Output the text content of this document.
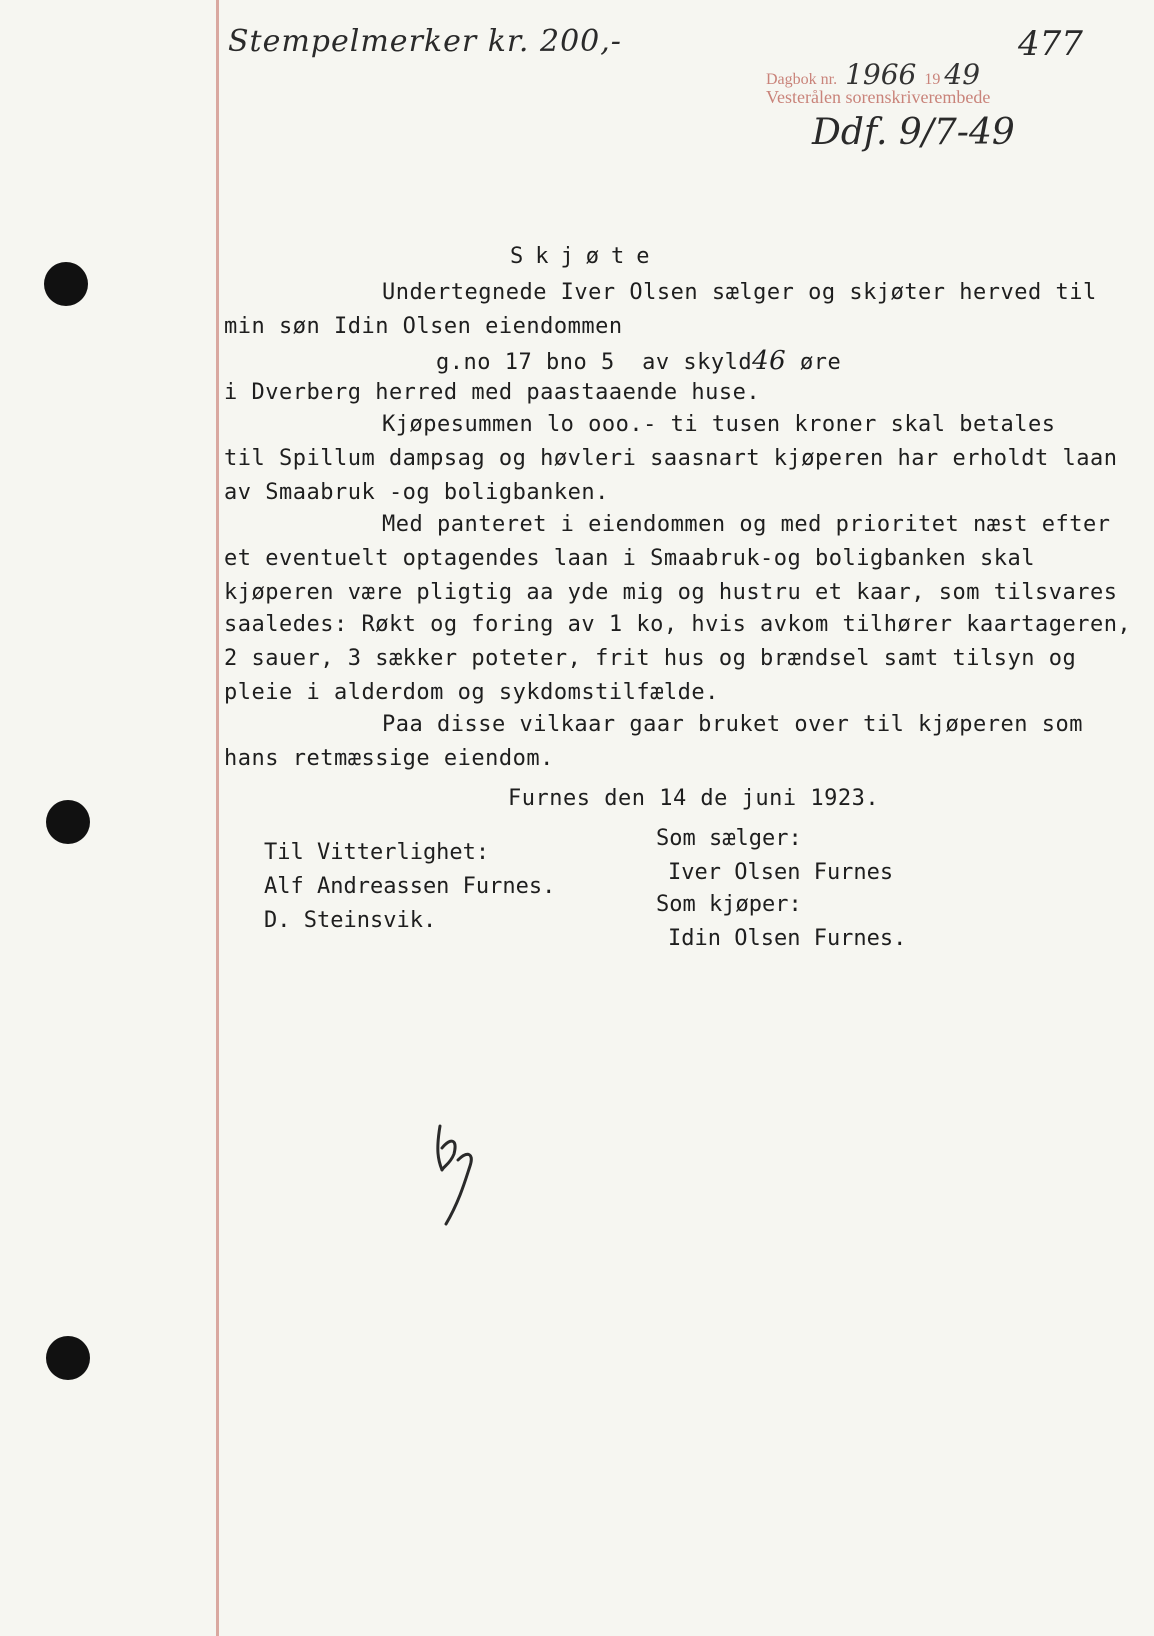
Stempelmerker kr. 200,-	477
Dagbok nr. 1966 19 49
Vesterålen sorenskriverembede
Ddf. 9/7-49
Skjøte
Undertegnede Iver Olsen sælger og skjøter herved til
min søn Idin Olsen eiendommen
g.no 17 bno 5  av skyld46 øre
i Dverberg herred med paastaaende huse.
Kjøpesummen lo ooo.- ti tusen kroner skal betales
til Spillum dampsag og høvleri saasnart kjøperen har erholdt laan
av Smaabruk -og boligbanken.
Med panteret i eiendommen og med prioritet næst efter
et eventuelt optagendes laan i Smaabruk-og boligbanken skal
kjøperen være pligtig aa yde mig og hustru et kaar, som tilsvares
saaledes: Røkt og foring av 1 ko, hvis avkom tilhører kaartageren,
2 sauer, 3 sækker poteter, frit hus og brændsel samt tilsyn og
pleie i alderdom og sykdomstilfælde.
Paa disse vilkaar gaar bruket over til kjøperen som
hans retmæssige eiendom.
Furnes den 14 de juni 1923.
Som sælger:
Til Vitterlighet:
Iver Olsen Furnes
Alf Andreassen Furnes.
Som kjøper:
D. Steinsvik.
Idin Olsen Furnes.
